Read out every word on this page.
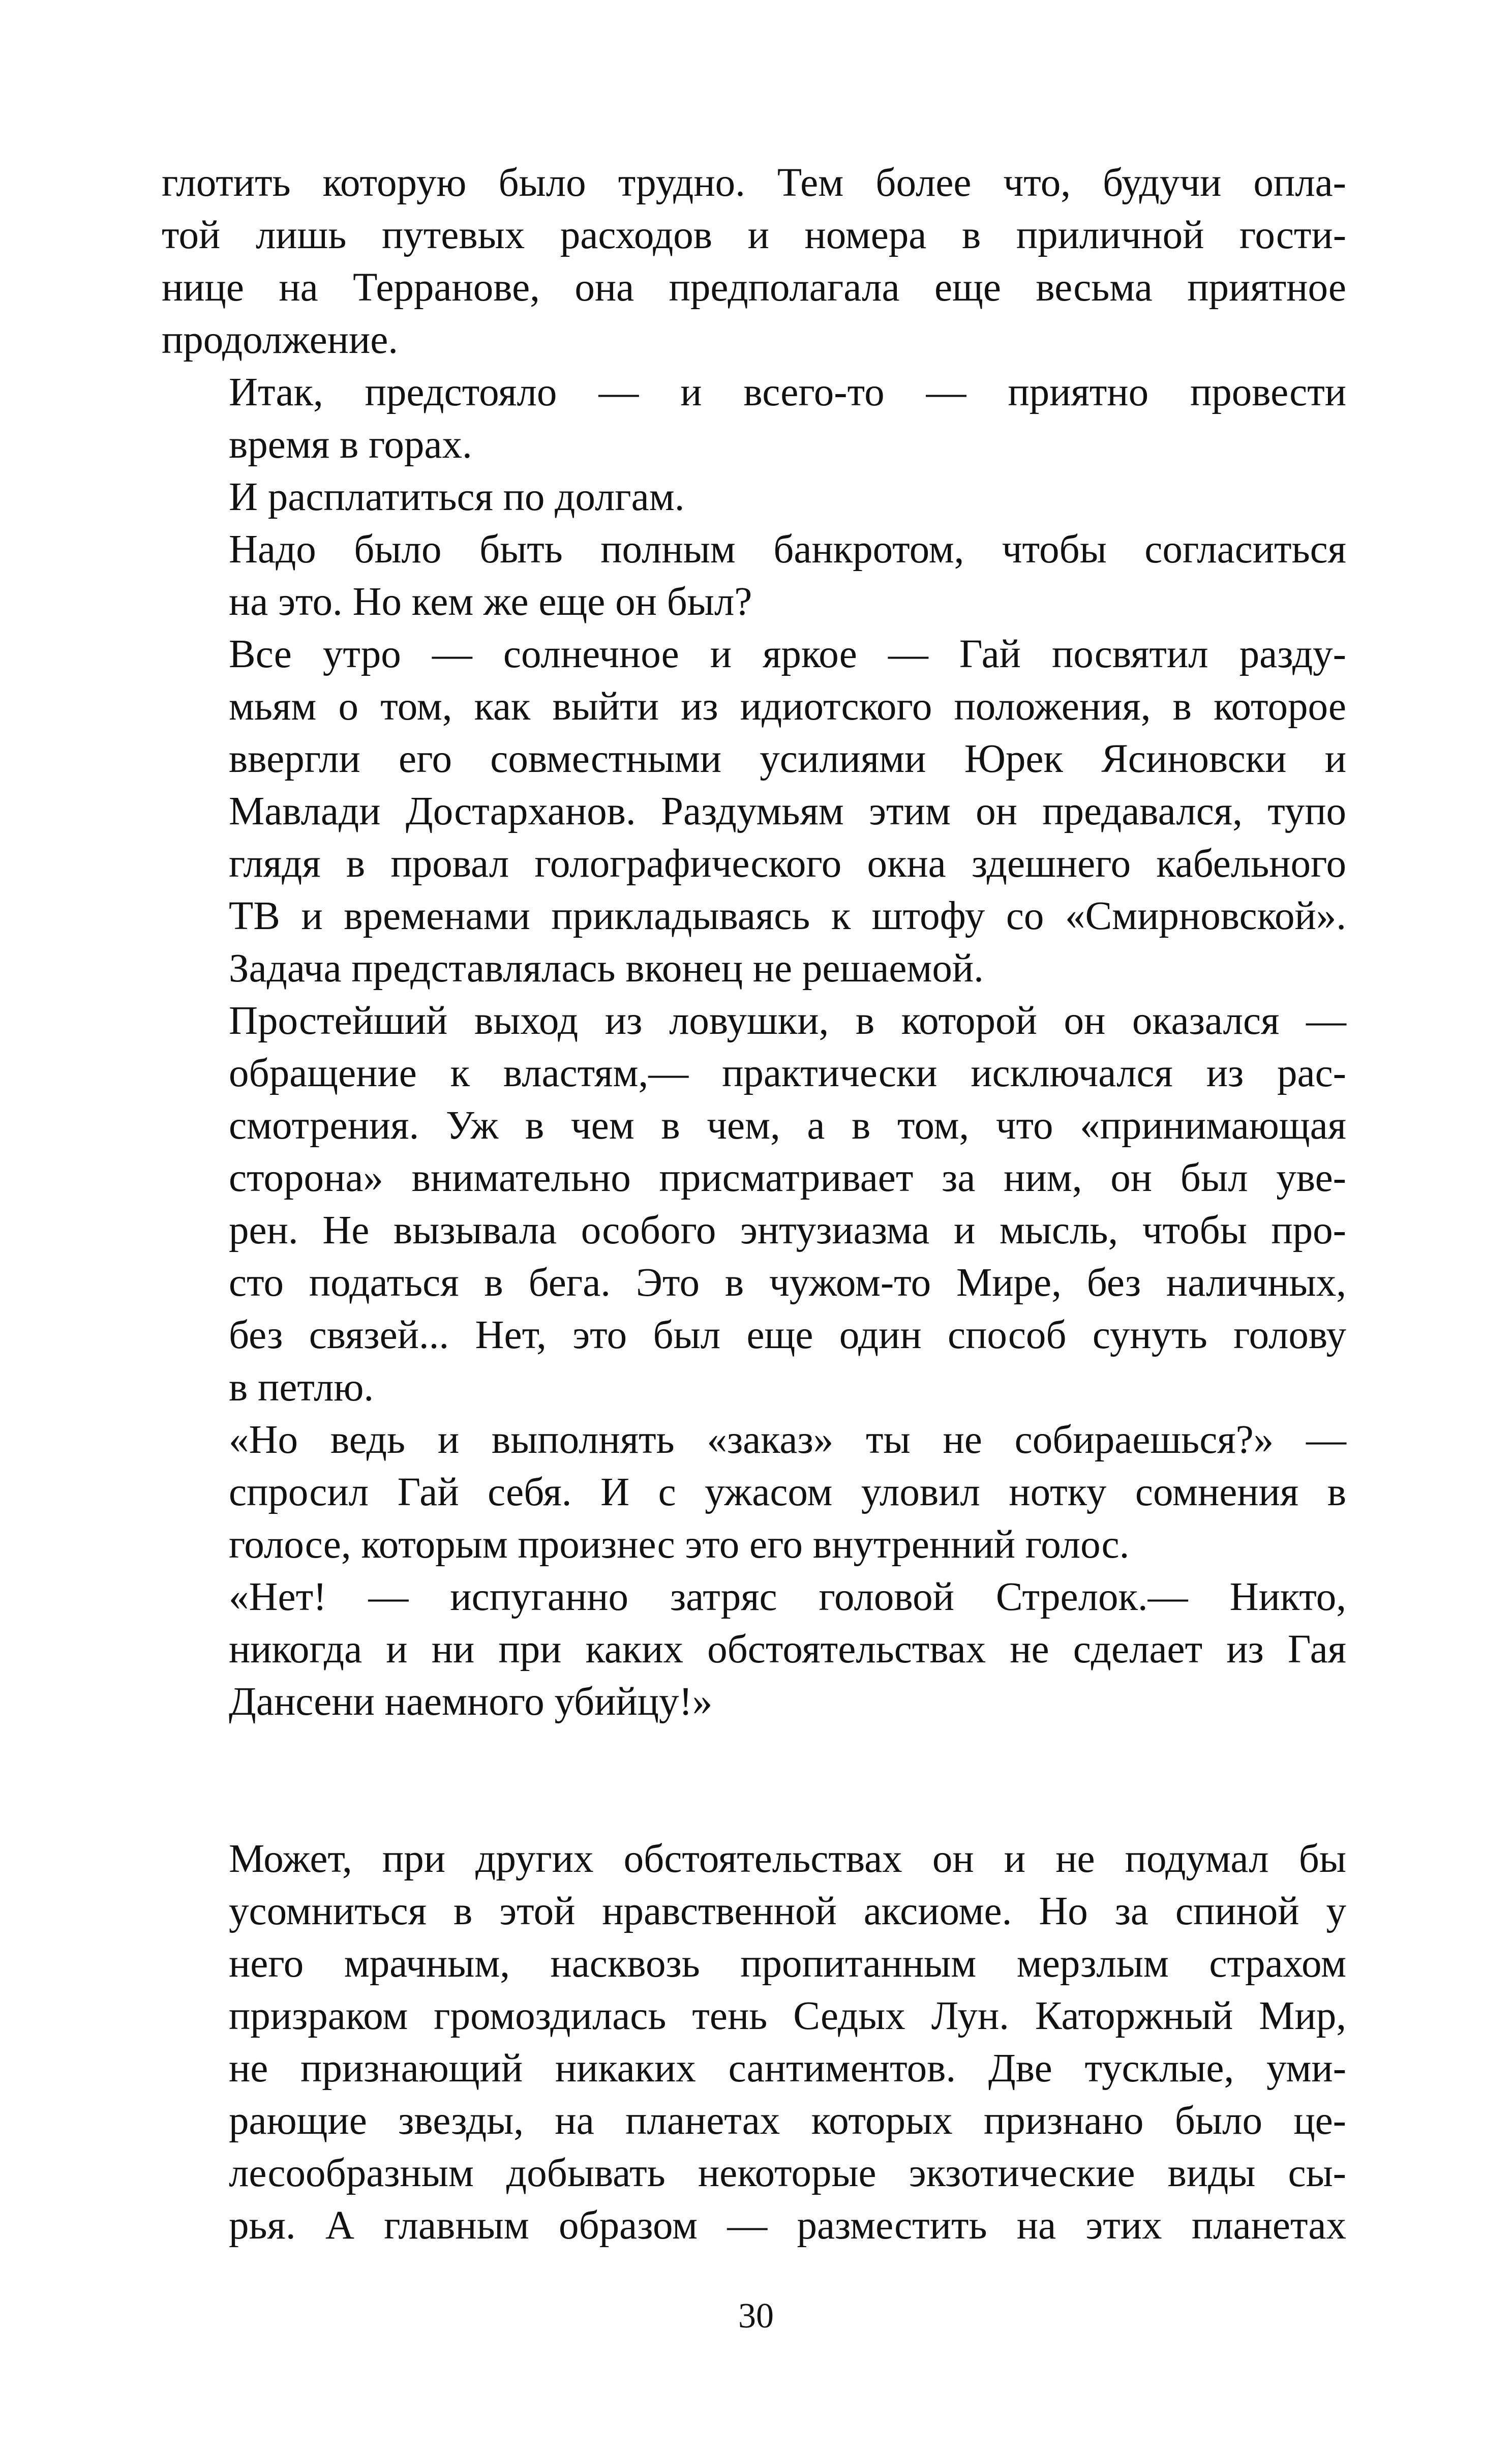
глотить которую было трудно. Тем более что, будучи опла-
той лишь путевых расходов и номера в приличной гости-
нице на Терранове, она предполагала еще весьма приятное
продолжение.

Итак, предстояло — и всего-то — приятно провести
время в горах.

И расплатиться по долгам.

Надо было быть полным банкротом, чтобы согласиться
на это. Но кем же еще он был?

Все утро — солнечное и яркое — Гай посвятил разду-
мьям о том, как выйти из идиотского положения, в которое
ввергли его совместными усилиями Юрек Ясиновски и
Мавлади Достарханов. Раздумьям этим он предавался, тупо
глядя в провал голографического окна здешнего кабельного
ТВ и временами прикладываясь к штофу со «Смирновской».
Задача представлялась вконец не решаемой.

Простейший выход из ловушки, в которой он оказался —
обращение к властям,— практически исключался из рас-
смотрения. Уж в чем в чем, а в том, что «принимающая
сторона» внимательно присматривает за ним, он был уве-
рен. Не вызывала особого энтузиазма и мысль, чтобы про-
сто податься в бега. Это в чужом-то Мире, без наличных,
без связей... Нет, это был еще один способ сунуть голову
в петлю.

«Но ведь и выполнять «заказ» ты не собираешься?» —
спросил Гай себя. И с ужасом уловил нотку сомнения в
голосе, которым произнес это его внутренний голос.

«Нет! — испуганно затряс головой Стрелок.— Никто,
никогда и ни при каких обстоятельствах не сделает из Гая
Дансени наемного убийцу!»

Может, при других обстоятельствах он и не подумал бы
усомниться в этой нравственной аксиоме. Но за спиной у
него мрачным, насквозь пропитанным мерзлым страхом
призраком громоздилась тень Седых Лун. Каторжный Мир,
не признающий никаких сантиментов. Две тусклые, уми-
рающие звезды, на планетах которых признано было це-
лесообразным добывать некоторые экзотические виды сы-
рья. А главным образом — разместить на этих планетах

30
